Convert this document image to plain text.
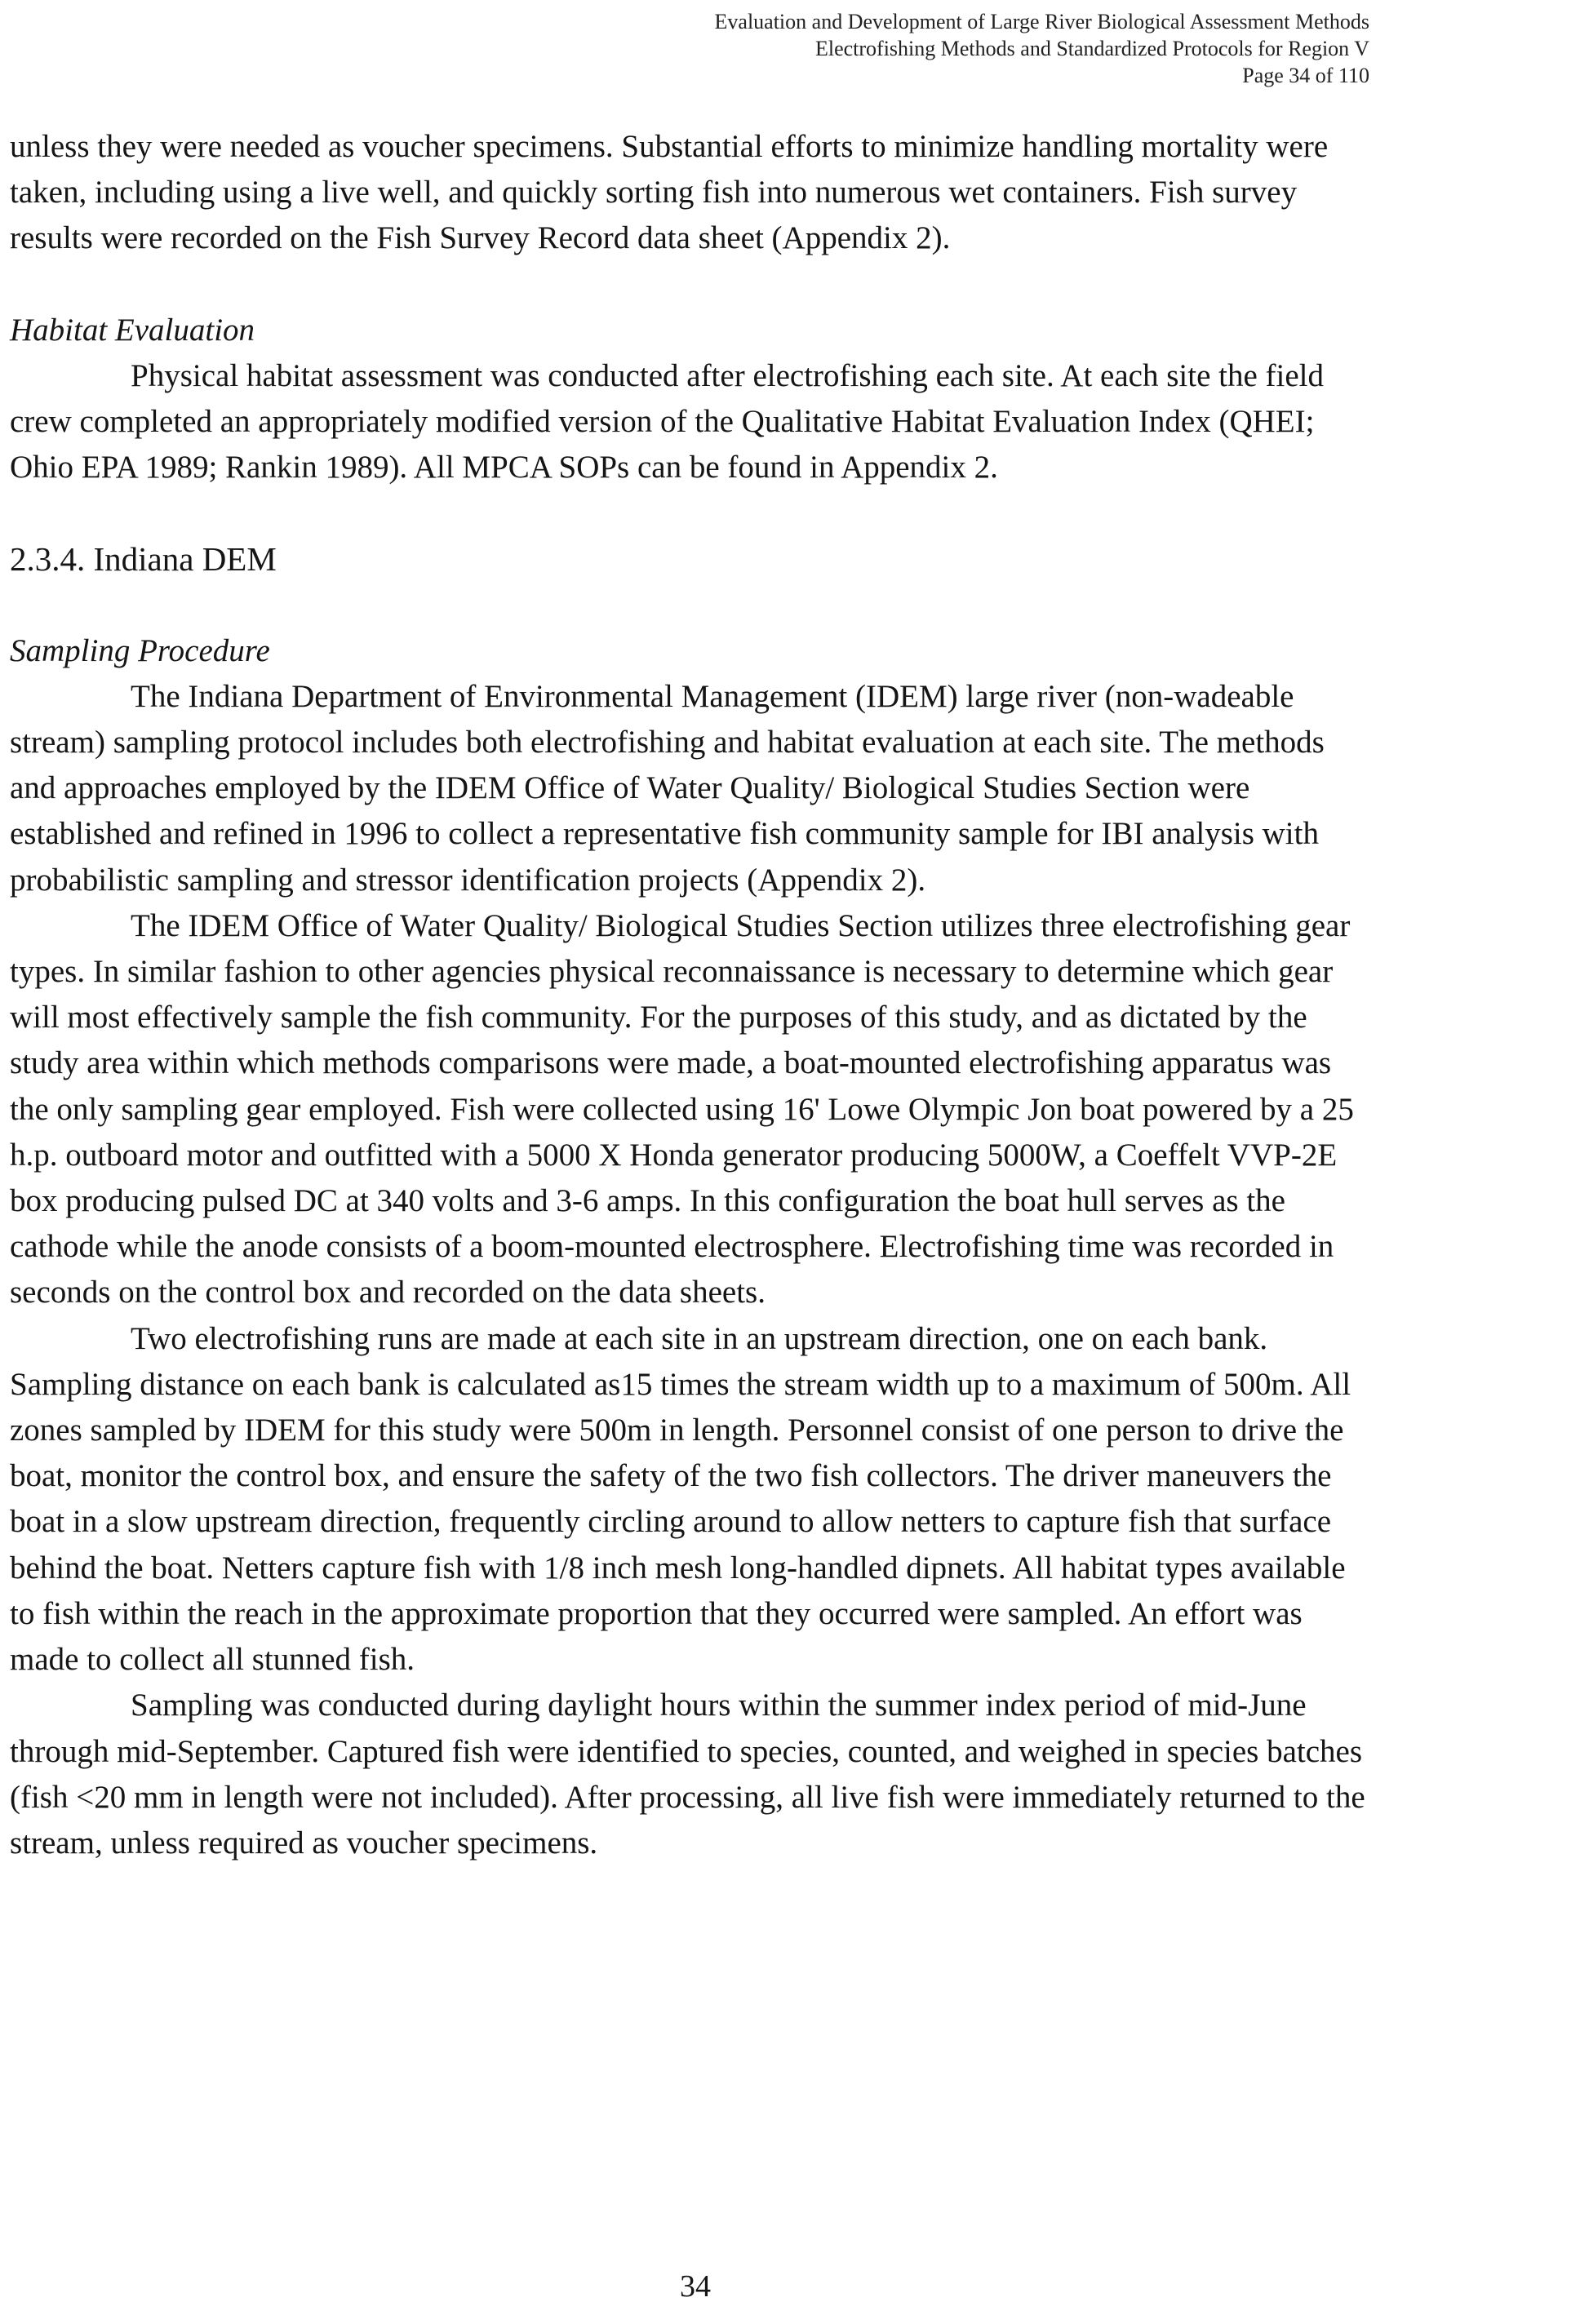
Evaluation and Development of Large River Biological Assessment Methods
Electrofishing Methods and Standardized Protocols for Region V
Page 34 of 110

unless they were needed as voucher specimens. Substantial efforts to minimize handling mortality were taken, including using a live well, and quickly sorting fish into numerous wet containers. Fish survey results were recorded on the Fish Survey Record data sheet (Appendix 2).

Habitat Evaluation

Physical habitat assessment was conducted after electrofishing each site. At each site the field crew completed an appropriately modified version of the Qualitative Habitat Evaluation Index (QHEI; Ohio EPA 1989; Rankin 1989). All MPCA SOPs can be found in Appendix 2.

2.3.4. Indiana DEM

Sampling Procedure

The Indiana Department of Environmental Management (IDEM) large river (non-wadeable stream) sampling protocol includes both electrofishing and habitat evaluation at each site. The methods and approaches employed by the IDEM Office of Water Quality/ Biological Studies Section were established and refined in 1996 to collect a representative fish community sample for IBI analysis with probabilistic sampling and stressor identification projects (Appendix 2).

The IDEM Office of Water Quality/ Biological Studies Section utilizes three electrofishing gear types. In similar fashion to other agencies physical reconnaissance is necessary to determine which gear will most effectively sample the fish community. For the purposes of this study, and as dictated by the study area within which methods comparisons were made, a boat-mounted electrofishing apparatus was the only sampling gear employed. Fish were collected using 16' Lowe Olympic Jon boat powered by a 25 h.p. outboard motor and outfitted with a 5000 X Honda generator producing 5000W, a Coeffelt VVP-2E box producing pulsed DC at 340 volts and 3-6 amps. In this configuration the boat hull serves as the cathode while the anode consists of a boom-mounted electrosphere. Electrofishing time was recorded in seconds on the control box and recorded on the data sheets.

Two electrofishing runs are made at each site in an upstream direction, one on each bank. Sampling distance on each bank is calculated as15 times the stream width up to a maximum of 500m. All zones sampled by IDEM for this study were 500m in length. Personnel consist of one person to drive the boat, monitor the control box, and ensure the safety of the two fish collectors. The driver maneuvers the boat in a slow upstream direction, frequently circling around to allow netters to capture fish that surface behind the boat. Netters capture fish with 1/8 inch mesh long-handled dipnets. All habitat types available to fish within the reach in the approximate proportion that they occurred were sampled. An effort was made to collect all stunned fish.

Sampling was conducted during daylight hours within the summer index period of mid-June through mid-September. Captured fish were identified to species, counted, and weighed in species batches (fish <20 mm in length were not included). After processing, all live fish were immediately returned to the stream, unless required as voucher specimens.

34
